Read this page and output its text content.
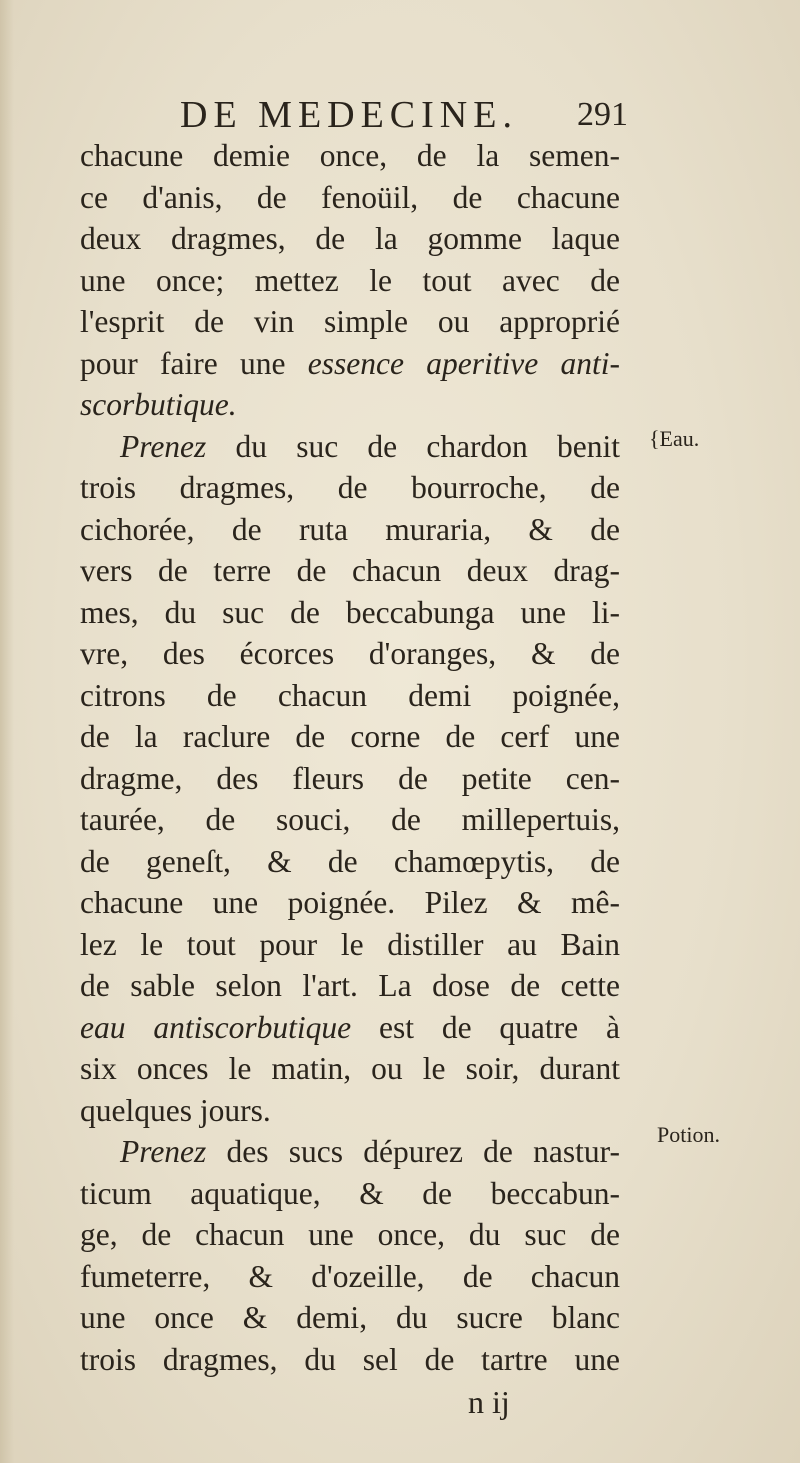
DE MEDECINE. 291
chacune demie once, de la semen-
ce d'anis, de fenoüil, de chacune
deux dragmes, de la gomme laque
une once; mettez le tout avec de
l'esprit de vin simple ou approprié
pour faire une essence aperitive anti-
scorbutique.
Prenez du suc de chardon benit
trois dragmes, de bourroche, de
cichorée, de ruta muraria, & de
vers de terre de chacun deux drag-
mes, du suc de beccabunga une li-
vre, des écorces d'oranges, & de
citrons de chacun demi poignée,
de la raclure de corne de cerf une
dragme, des fleurs de petite cen-
taurée, de souci, de millepertuis,
de geneſt, & de chamœpytis, de
chacune une poignée. Pilez & mê-
lez le tout pour le distiller au Bain
de sable selon l'art. La dose de cette
eau antiscorbutique est de quatre à
six onces le matin, ou le soir, durant
quelques jours.
Prenez des sucs dépurez de nastur-
ticum aquatique, & de beccabun-
ge, de chacun une once, du suc de
fumeterre, & d'ozeille, de chacun
une once & demi, du sucre blanc
trois dragmes, du sel de tartre une
{Eau.
Potion.
n ij
